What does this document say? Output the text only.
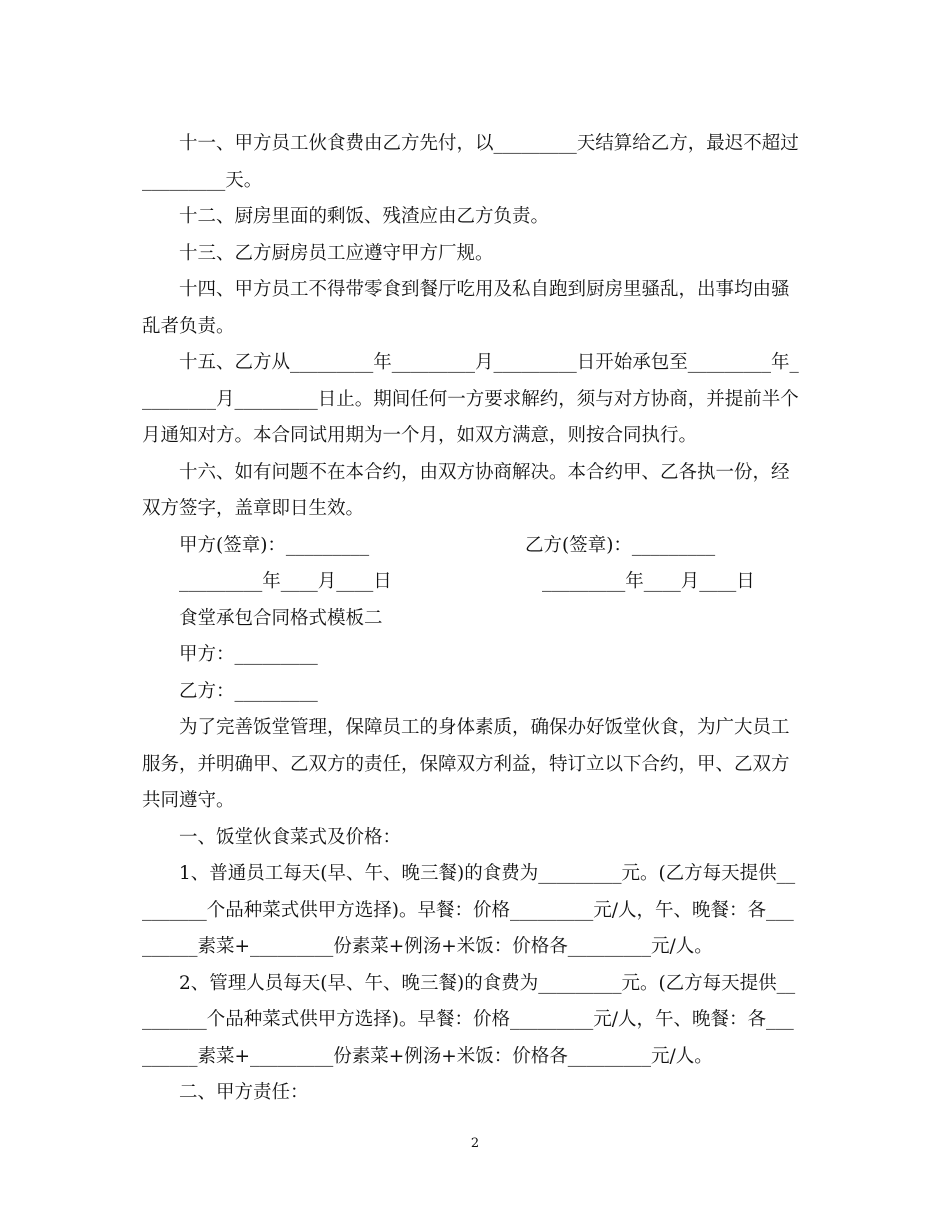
十一、甲方员工伙食费由乙方先付，以_________天结算给乙方，最迟不超过_________天。

十二、厨房里面的剩饭、残渣应由乙方负责。

十三、乙方厨房员工应遵守甲方厂规。

十四、甲方员工不得带零食到餐厅吃用及私自跑到厨房里骚乱，出事均由骚乱者负责。

十五、乙方从_________年_________月_________日开始承包至_________年_________月_________日止。期间任何一方要求解约，须与对方协商，并提前半个月通知对方。本合同试用期为一个月，如双方满意，则按合同执行。

十六、如有问题不在本合约，由双方协商解决。本合约甲、乙各执一份，经双方签字，盖章即日生效。

甲方(签章)：_________	乙方(签章)：_________
_________年____月____日	_________年____月____日

食堂承包合同格式模板二

甲方：_________

乙方：_________

为了完善饭堂管理，保障员工的身体素质，确保办好饭堂伙食，为广大员工服务，并明确甲、乙双方的责任，保障双方利益，特订立以下合约，甲、乙双方共同遵守。

一、饭堂伙食菜式及价格：

1、普通员工每天(早、午、晚三餐)的食费为_________元。(乙方每天提供_________个品种菜式供甲方选择)。早餐：价格_________元/人，午、晚餐：各_________素菜+_________份素菜+例汤+米饭：价格各_________元/人。

2、管理人员每天(早、午、晚三餐)的食费为_________元。(乙方每天提供_________个品种菜式供甲方选择)。早餐：价格_________元/人，午、晚餐：各_________素菜+_________份素菜+例汤+米饭：价格各_________元/人。

二、甲方责任：

2
